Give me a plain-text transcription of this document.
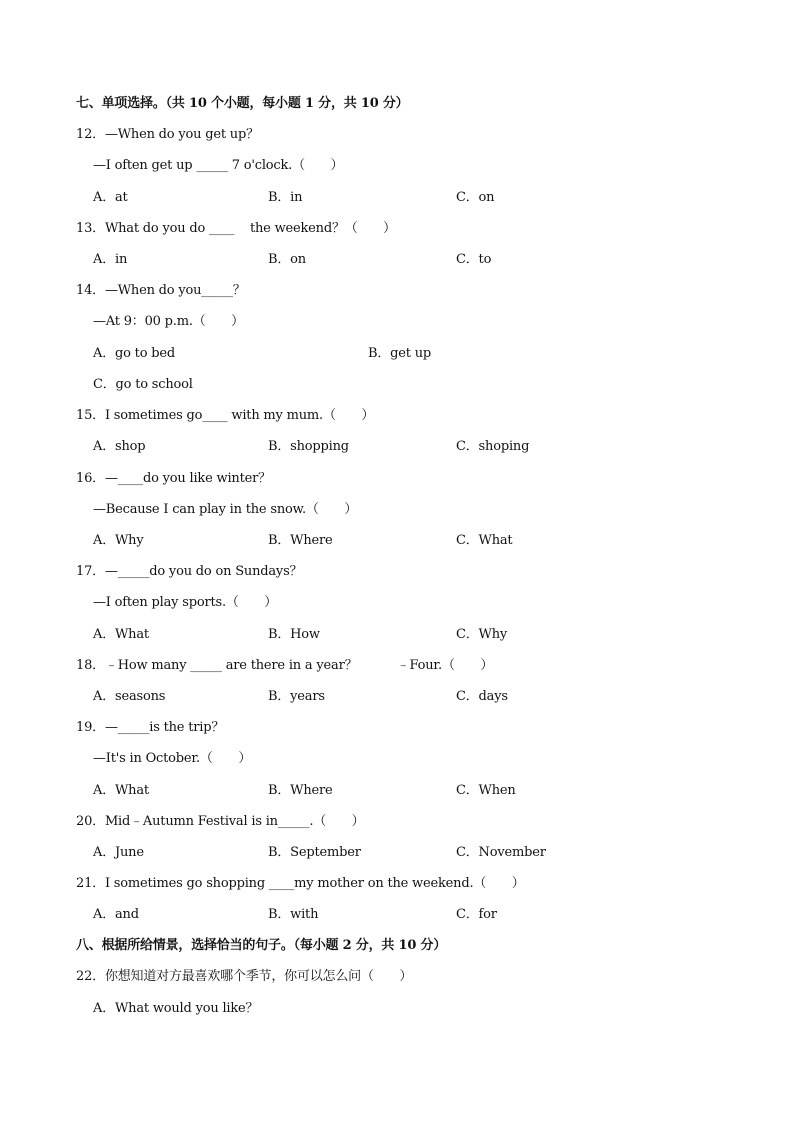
七、单项选择。（共 10 个小题，每小题 1 分，共 10 分）
12．—When do you get up？
—I often get up _____ 7 o'clock.（　　）
A．at	B．in	C．on
13．What do you do ____    the weekend？（　　）
A．in	B．on	C．to
14．—When do you_____？
—At 9：00 p.m.（　　）
A．go to bed	B．get up
C．go to school
15．I sometimes go____ with my mum.（　　）
A．shop	B．shopping	C．shoping
16．—____do you like winter？
—Because I can play in the snow.（　　）
A．Why	B．Where	C．What
17．—_____do you do on Sundays？
—I often play sports.（　　）
A．What	B．How	C．Why
18．﹣How many _____ are there in a year？          ﹣Four.（　　）
A．seasons	B．years	C．days
19．—_____is the trip？
—It's in October.（　　）
A．What	B．Where	C．When
20．Mid﹣Autumn Festival is in_____.（　　）
A．June	B．September	C．November
21．I sometimes go shopping ____my mother on the weekend.（　　）
A．and	B．with	C．for
八、根据所给情景，选择恰当的句子。（每小题 2 分，共 10 分）
22．你想知道对方最喜欢哪个季节，你可以怎么问（　　）
A．What would you like？
